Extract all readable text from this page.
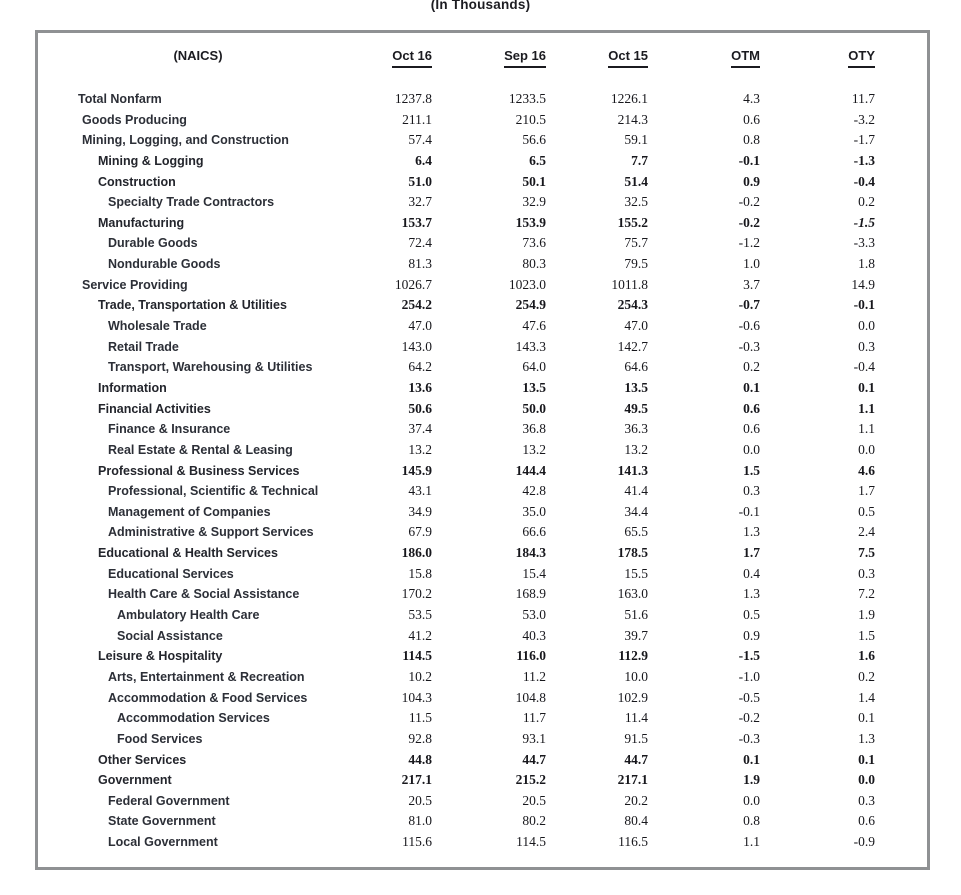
(In Thousands)
(NAICS)	Oct 16	Sep 16	Oct 15	OTM	OTY
Total Nonfarm	1237.8	1233.5	1226.1	4.3	11.7
Goods Producing	211.1	210.5	214.3	0.6	-3.2
Mining, Logging, and Construction	57.4	56.6	59.1	0.8	-1.7
Mining & Logging	6.4	6.5	7.7	-0.1	-1.3
Construction	51.0	50.1	51.4	0.9	-0.4
Specialty Trade Contractors	32.7	32.9	32.5	-0.2	0.2
Manufacturing	153.7	153.9	155.2	-0.2	-1.5
Durable Goods	72.4	73.6	75.7	-1.2	-3.3
Nondurable Goods	81.3	80.3	79.5	1.0	1.8
Service Providing	1026.7	1023.0	1011.8	3.7	14.9
Trade, Transportation & Utilities	254.2	254.9	254.3	-0.7	-0.1
Wholesale Trade	47.0	47.6	47.0	-0.6	0.0
Retail Trade	143.0	143.3	142.7	-0.3	0.3
Transport, Warehousing & Utilities	64.2	64.0	64.6	0.2	-0.4
Information	13.6	13.5	13.5	0.1	0.1
Financial Activities	50.6	50.0	49.5	0.6	1.1
Finance & Insurance	37.4	36.8	36.3	0.6	1.1
Real Estate & Rental & Leasing	13.2	13.2	13.2	0.0	0.0
Professional & Business Services	145.9	144.4	141.3	1.5	4.6
Professional, Scientific & Technical	43.1	42.8	41.4	0.3	1.7
Management of Companies	34.9	35.0	34.4	-0.1	0.5
Administrative & Support Services	67.9	66.6	65.5	1.3	2.4
Educational & Health Services	186.0	184.3	178.5	1.7	7.5
Educational Services	15.8	15.4	15.5	0.4	0.3
Health Care & Social Assistance	170.2	168.9	163.0	1.3	7.2
Ambulatory Health Care	53.5	53.0	51.6	0.5	1.9
Social Assistance	41.2	40.3	39.7	0.9	1.5
Leisure & Hospitality	114.5	116.0	112.9	-1.5	1.6
Arts, Entertainment & Recreation	10.2	11.2	10.0	-1.0	0.2
Accommodation & Food Services	104.3	104.8	102.9	-0.5	1.4
Accommodation Services	11.5	11.7	11.4	-0.2	0.1
Food Services	92.8	93.1	91.5	-0.3	1.3
Other Services	44.8	44.7	44.7	0.1	0.1
Government	217.1	215.2	217.1	1.9	0.0
Federal Government	20.5	20.5	20.2	0.0	0.3
State Government	81.0	80.2	80.4	0.8	0.6
Local Government	115.6	114.5	116.5	1.1	-0.9
